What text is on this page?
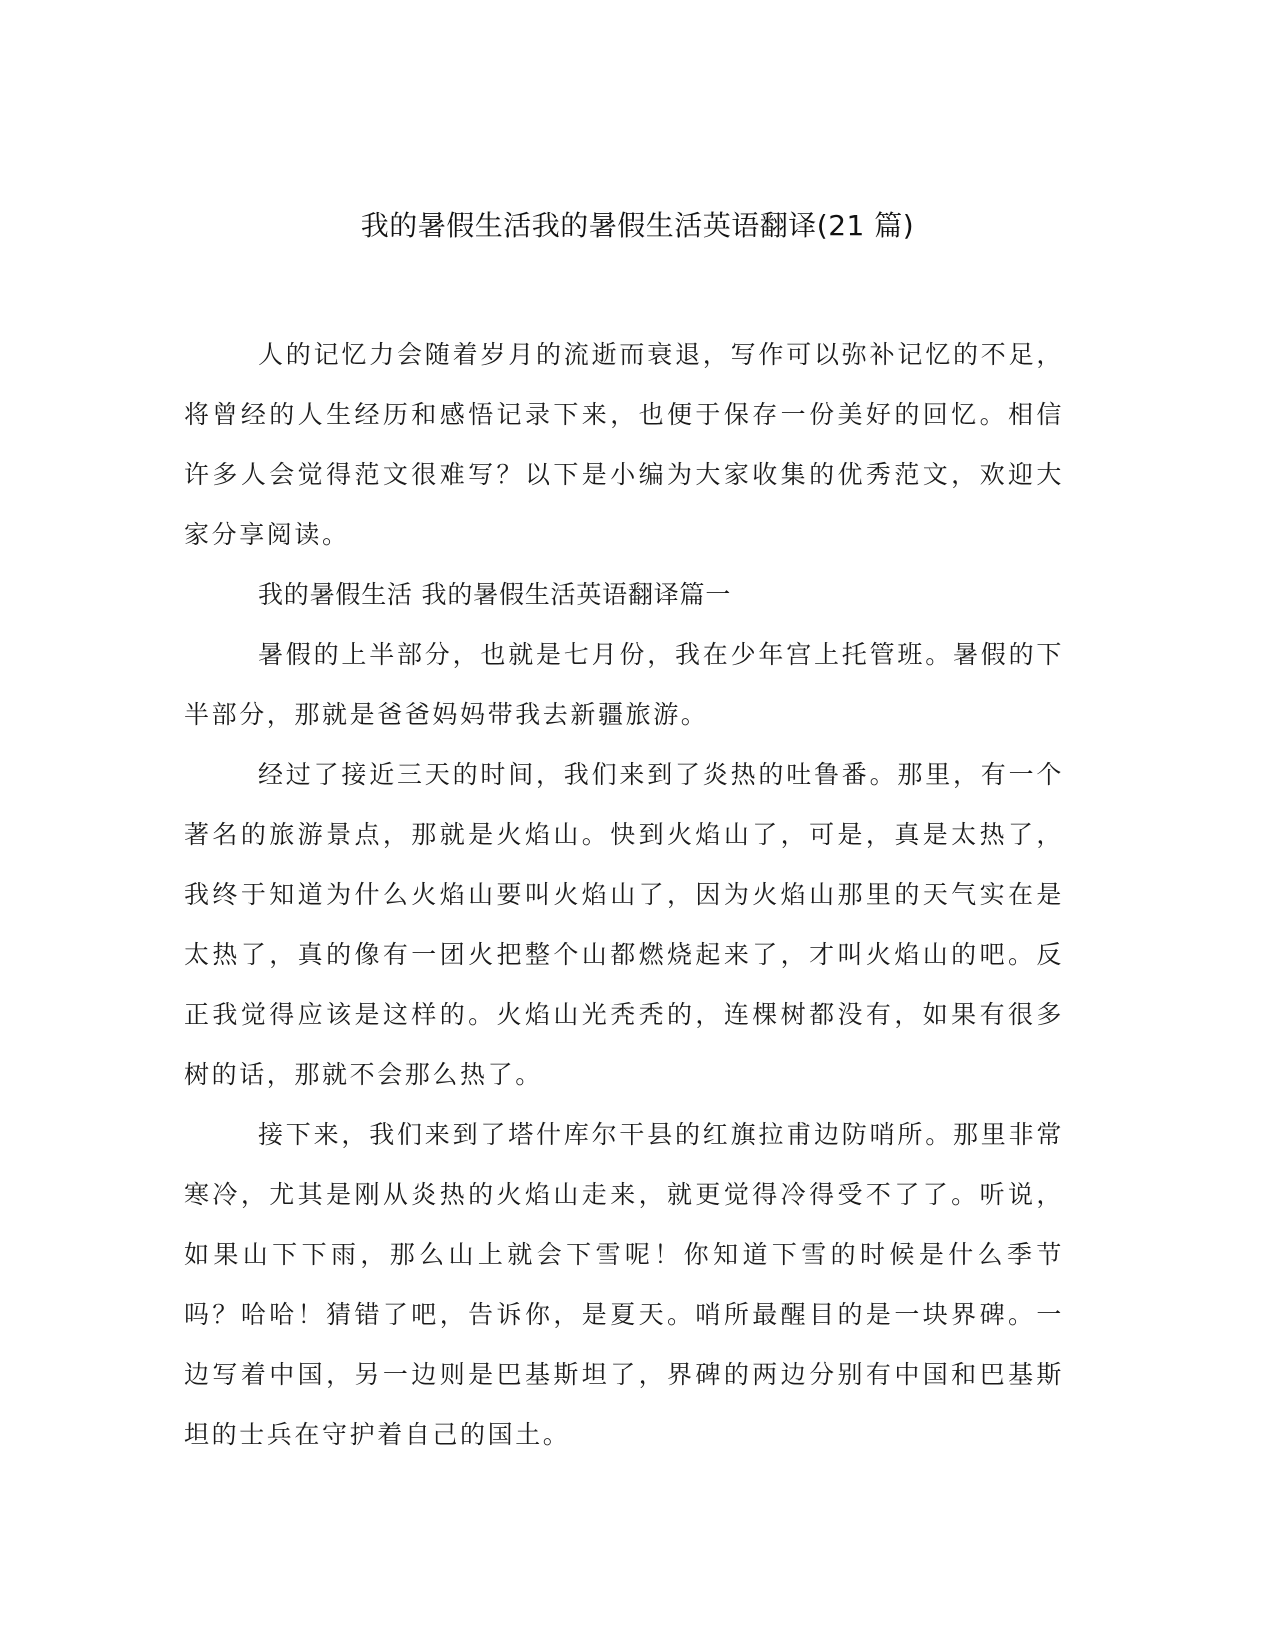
我的暑假生活我的暑假生活英语翻译(21 篇)

人的记忆力会随着岁月的流逝而衰退，写作可以弥补记忆的不足，将曾经的人生经历和感悟记录下来，也便于保存一份美好的回忆。相信许多人会觉得范文很难写？以下是小编为大家收集的优秀范文，欢迎大家分享阅读。

我的暑假生活 我的暑假生活英语翻译篇一

暑假的上半部分，也就是七月份，我在少年宫上托管班。暑假的下半部分，那就是爸爸妈妈带我去新疆旅游。

经过了接近三天的时间，我们来到了炎热的吐鲁番。那里，有一个著名的旅游景点，那就是火焰山。快到火焰山了，可是，真是太热了，我终于知道为什么火焰山要叫火焰山了，因为火焰山那里的天气实在是太热了，真的像有一团火把整个山都燃烧起来了，才叫火焰山的吧。反正我觉得应该是这样的。火焰山光秃秃的，连棵树都没有，如果有很多树的话，那就不会那么热了。

接下来，我们来到了塔什库尔干县的红旗拉甫边防哨所。那里非常寒冷，尤其是刚从炎热的火焰山走来，就更觉得冷得受不了了。听说，如果山下下雨，那么山上就会下雪呢！你知道下雪的时候是什么季节吗？哈哈！猜错了吧，告诉你，是夏天。哨所最醒目的是一块界碑。一边写着中国，另一边则是巴基斯坦了，界碑的两边分别有中国和巴基斯坦的士兵在守护着自己的国土。
